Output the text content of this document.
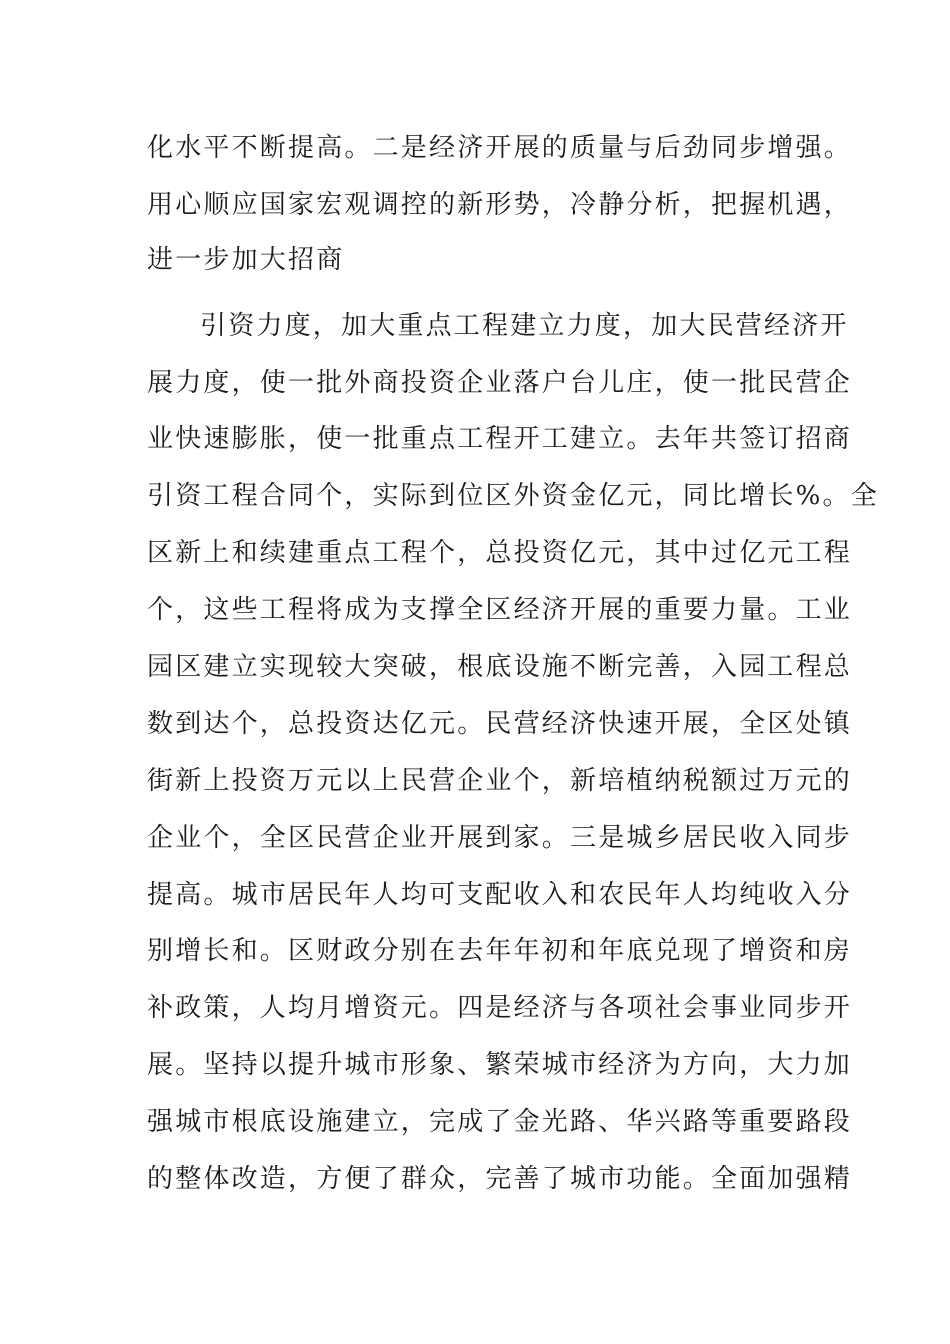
化水平不断提高。二是经济开展的质量与后劲同步增强。
用心顺应国家宏观调控的新形势，冷静分析，把握机遇，
进一步加大招商
引资力度，加大重点工程建立力度，加大民营经济开
展力度，使一批外商投资企业落户台儿庄，使一批民营企
业快速膨胀，使一批重点工程开工建立。去年共签订招商
引资工程合同个，实际到位区外资金亿元，同比增长%。全
区新上和续建重点工程个，总投资亿元，其中过亿元工程
个，这些工程将成为支撑全区经济开展的重要力量。工业
园区建立实现较大突破，根底设施不断完善，入园工程总
数到达个，总投资达亿元。民营经济快速开展，全区处镇
街新上投资万元以上民营企业个，新培植纳税额过万元的
企业个，全区民营企业开展到家。三是城乡居民收入同步
提高。城市居民年人均可支配收入和农民年人均纯收入分
别增长和。区财政分别在去年年初和年底兑现了增资和房
补政策，人均月增资元。四是经济与各项社会事业同步开
展。坚持以提升城市形象、繁荣城市经济为方向，大力加
强城市根底设施建立，完成了金光路、华兴路等重要路段
的整体改造，方便了群众，完善了城市功能。全面加强精
